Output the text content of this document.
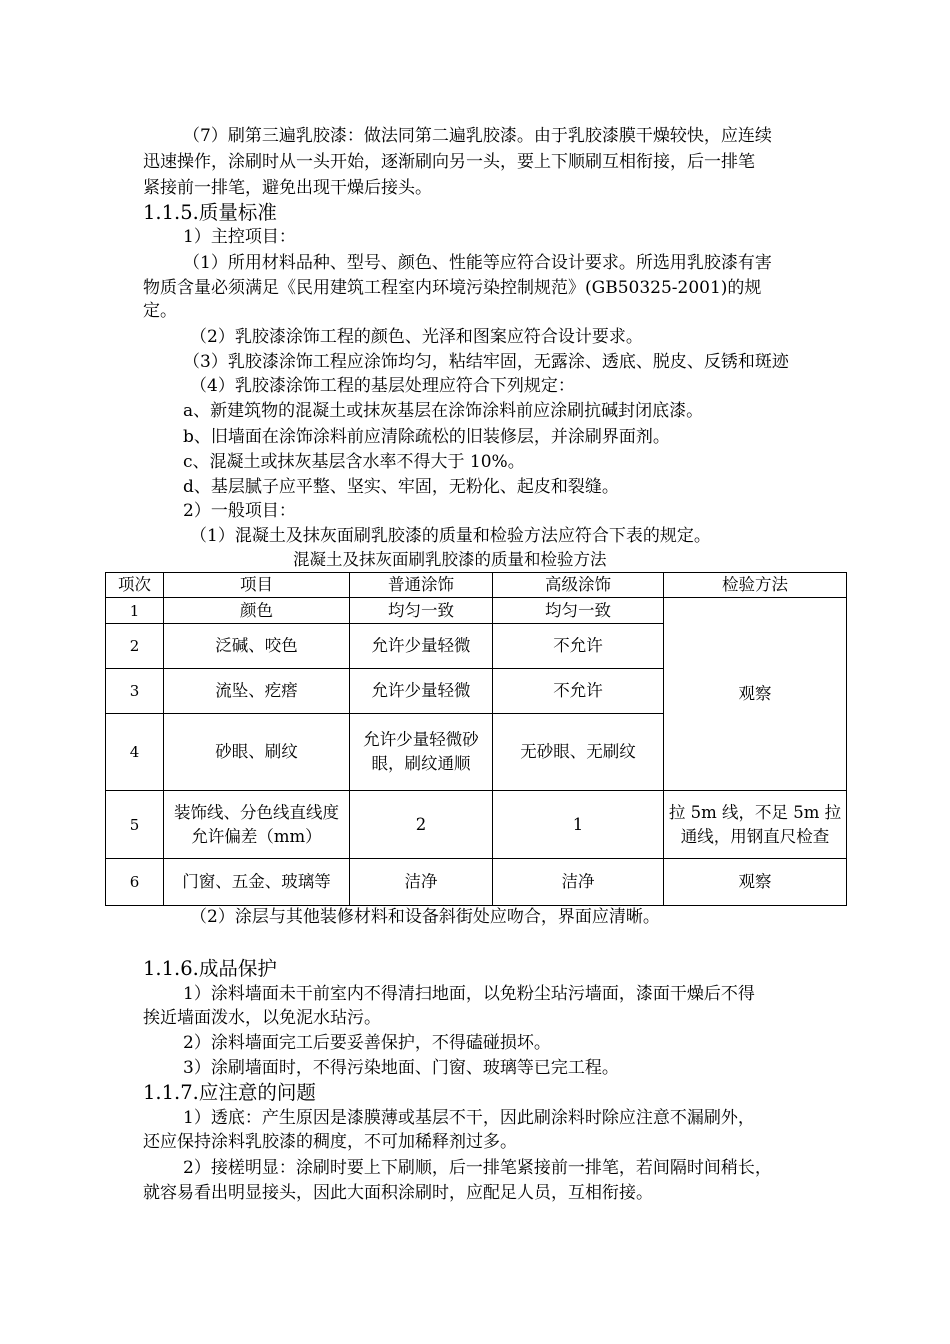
（7）刷第三遍乳胶漆：做法同第二遍乳胶漆。由于乳胶漆膜干燥较快，应连续
迅速操作，涂刷时从一头开始，逐渐刷向另一头，要上下顺刷互相衔接，后一排笔
紧接前一排笔，避免出现干燥后接头。
1.1.5.质量标准
1）主控项目：
（1）所用材料品种、型号、颜色、性能等应符合设计要求。所选用乳胶漆有害
物质含量必须满足《民用建筑工程室内环境污染控制规范》(GB50325-2001)的规
定。
（2）乳胶漆涂饰工程的颜色、光泽和图案应符合设计要求。
（3）乳胶漆涂饰工程应涂饰均匀，粘结牢固，无露涂、透底、脱皮、反锈和斑迹
（4）乳胶漆涂饰工程的基层处理应符合下列规定：
a、新建筑物的混凝土或抹灰基层在涂饰涂料前应涂刷抗碱封闭底漆。
b、旧墙面在涂饰涂料前应清除疏松的旧装修层，并涂刷界面剂。
c、混凝土或抹灰基层含水率不得大于 10%。
d、基层腻子应平整、坚实、牢固，无粉化、起皮和裂缝。
2）一般项目：
（1）混凝土及抹灰面刷乳胶漆的质量和检验方法应符合下表的规定。
混凝土及抹灰面刷乳胶漆的质量和检验方法
项次	项目	普通涂饰	高级涂饰	检验方法
1	颜色	均匀一致	均匀一致	观察
2	泛碱、咬色	允许少量轻微	不允许	
3	流坠、疙瘩	允许少量轻微	不允许	
4	砂眼、刷纹	允许少量轻微砂眼，刷纹通顺	无砂眼、无刷纹	
5	装饰线、分色线直线度允许偏差（mm）	2	1	拉 5m 线，不足 5m 拉通线，用钢直尺检查
6	门窗、五金、玻璃等	洁净	洁净	观察
（2）涂层与其他装修材料和设备斜街处应吻合，界面应清晰。
1.1.6.成品保护
1）涂料墙面未干前室内不得清扫地面，以免粉尘玷污墙面，漆面干燥后不得
挨近墙面泼水，以免泥水玷污。
2）涂料墙面完工后要妥善保护，不得磕碰损坏。
3）涂刷墙面时，不得污染地面、门窗、玻璃等已完工程。
1.1.7.应注意的问题
1）透底：产生原因是漆膜薄或基层不干，因此刷涂料时除应注意不漏刷外，
还应保持涂料乳胶漆的稠度，不可加稀释剂过多。
2）接槎明显：涂刷时要上下刷顺，后一排笔紧接前一排笔，若间隔时间稍长，
就容易看出明显接头，因此大面积涂刷时，应配足人员，互相衔接。
